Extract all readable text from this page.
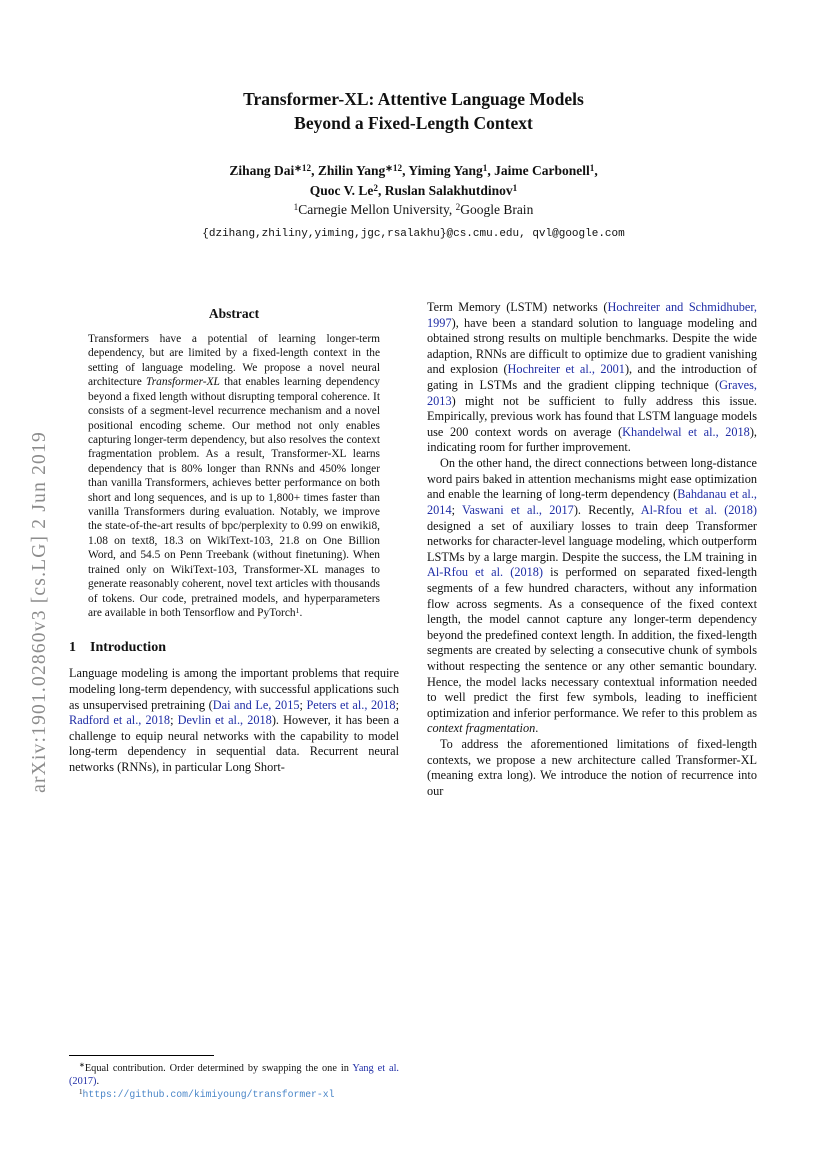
arXiv:1901.02860v3 [cs.LG] 2 Jun 2019
Transformer-XL: Attentive Language Models
Beyond a Fixed-Length Context
Zihang Dai$^{∗12}$, Zhilin Yang$^{∗12}$, Yiming Yang$^1$, Jaime Carbonell$^1$,
Quoc V. Le$^2$, Ruslan Salakhutdinov$^1$
$^1$Carnegie Mellon University, $^2$Google Brain
{dzihang,zhiliny,yiming,jgc,rsalakhu}@cs.cmu.edu, qvl@google.com
Abstract
Transformers have a potential of learning longer-term dependency, but are limited by a fixed-length context in the setting of language modeling. We propose a novel neural architecture Transformer-XL that enables learning dependency beyond a fixed length without disrupting temporal coherence. It consists of a segment-level recurrence mechanism and a novel positional encoding scheme. Our method not only enables capturing longer-term dependency, but also resolves the context fragmentation problem. As a result, Transformer-XL learns dependency that is 80% longer than RNNs and 450% longer than vanilla Transformers, achieves better performance on both short and long sequences, and is up to 1,800+ times faster than vanilla Transformers during evaluation. Notably, we improve the state-of-the-art results of bpc/perplexity to 0.99 on enwiki8, 1.08 on text8, 18.3 on WikiText-103, 21.8 on One Billion Word, and 54.5 on Penn Treebank (without finetuning). When trained only on WikiText-103, Transformer-XL manages to generate reasonably coherent, novel text articles with thousands of tokens. Our code, pretrained models, and hyperparameters are available in both Tensorflow and PyTorch$^1$.
1 Introduction

Language modeling is among the important problems that require modeling long-term dependency, with successful applications such as unsupervised pretraining (Dai and Le, 2015; Peters et al., 2018; Radford et al., 2018; Devlin et al., 2018). However, it has been a challenge to equip neural networks with the capability to model long-term dependency in sequential data. Recurrent neural networks (RNNs), in particular Long Short-

∗Equal contribution. Order determined by swapping the one in Yang et al. (2017).

$^1$https://github.com/kimiyoung/transformer-xl

Term Memory (LSTM) networks (Hochreiter and Schmidhuber, 1997), have been a standard solution to language modeling and obtained strong results on multiple benchmarks. Despite the wide adaption, RNNs are difficult to optimize due to gradient vanishing and explosion (Hochreiter et al., 2001), and the introduction of gating in LSTMs and the gradient clipping technique (Graves, 2013) might not be sufficient to fully address this issue. Empirically, previous work has found that LSTM language models use 200 context words on average (Khandelwal et al., 2018), indicating room for further improvement.

On the other hand, the direct connections between long-distance word pairs baked in attention mechanisms might ease optimization and enable the learning of long-term dependency (Bahdanau et al., 2014; Vaswani et al., 2017). Recently, Al-Rfou et al. (2018) designed a set of auxiliary losses to train deep Transformer networks for character-level language modeling, which outperform LSTMs by a large margin. Despite the success, the LM training in Al-Rfou et al. (2018) is performed on separated fixed-length segments of a few hundred characters, without any information flow across segments. As a consequence of the fixed context length, the model cannot capture any longer-term dependency beyond the predefined context length. In addition, the fixed-length segments are created by selecting a consecutive chunk of symbols without respecting the sentence or any other semantic boundary. Hence, the model lacks necessary contextual information needed to well predict the first few symbols, leading to inefficient optimization and inferior performance. We refer to this problem as context fragmentation.

To address the aforementioned limitations of fixed-length contexts, we propose a new architecture called Transformer-XL (meaning extra long). We introduce the notion of recurrence into our
